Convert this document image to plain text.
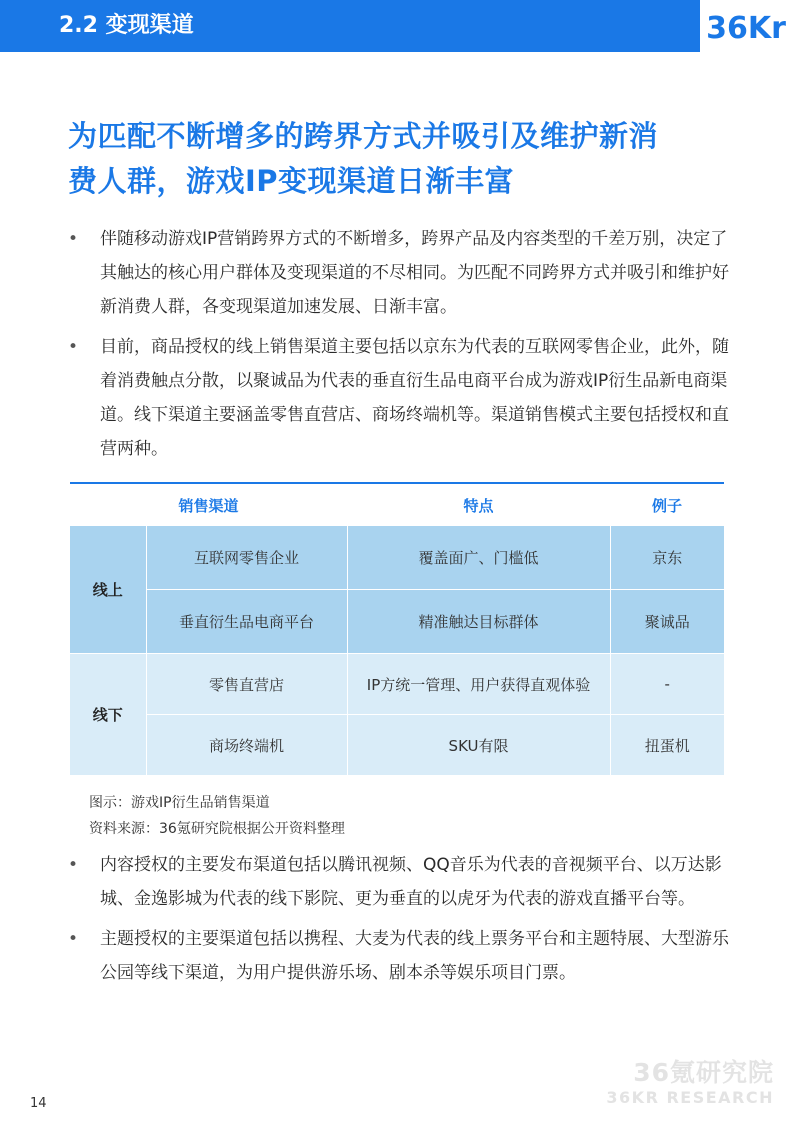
2.2 变现渠道	36Kr
为匹配不断增多的跨界方式并吸引及维护新消
费人群，游戏IP变现渠道日渐丰富
• 伴随移动游戏IP营销跨界方式的不断增多，跨界产品及内容类型的千差万别，决定了其触达的核心用户群体及变现渠道的不尽相同。为匹配不同跨界方式并吸引和维护好新消费人群，各变现渠道加速发展、日渐丰富。
• 目前，商品授权的线上销售渠道主要包括以京东为代表的互联网零售企业，此外，随着消费触点分散，以聚诚品为代表的垂直衍生品电商平台成为游戏IP衍生品新电商渠道。线下渠道主要涵盖零售直营店、商场终端机等。渠道销售模式主要包括授权和直营两种。
销售渠道		特点	例子
线上	互联网零售企业	覆盖面广、门槛低	京东
	垂直衍生品电商平台	精准触达目标群体	聚诚品
线下	零售直营店	IP方统一管理、用户获得直观体验	-
	商场终端机	SKU有限	扭蛋机
图示：游戏IP衍生品销售渠道
资料来源：36氪研究院根据公开资料整理
• 内容授权的主要发布渠道包括以腾讯视频、QQ音乐为代表的音视频平台、以万达影城、金逸影城为代表的线下影院、更为垂直的以虎牙为代表的游戏直播平台等。
• 主题授权的主要渠道包括以携程、大麦为代表的线上票务平台和主题特展、大型游乐公园等线下渠道，为用户提供游乐场、剧本杀等娱乐项目门票。
14
36氪研究院
36KR RESEARCH
